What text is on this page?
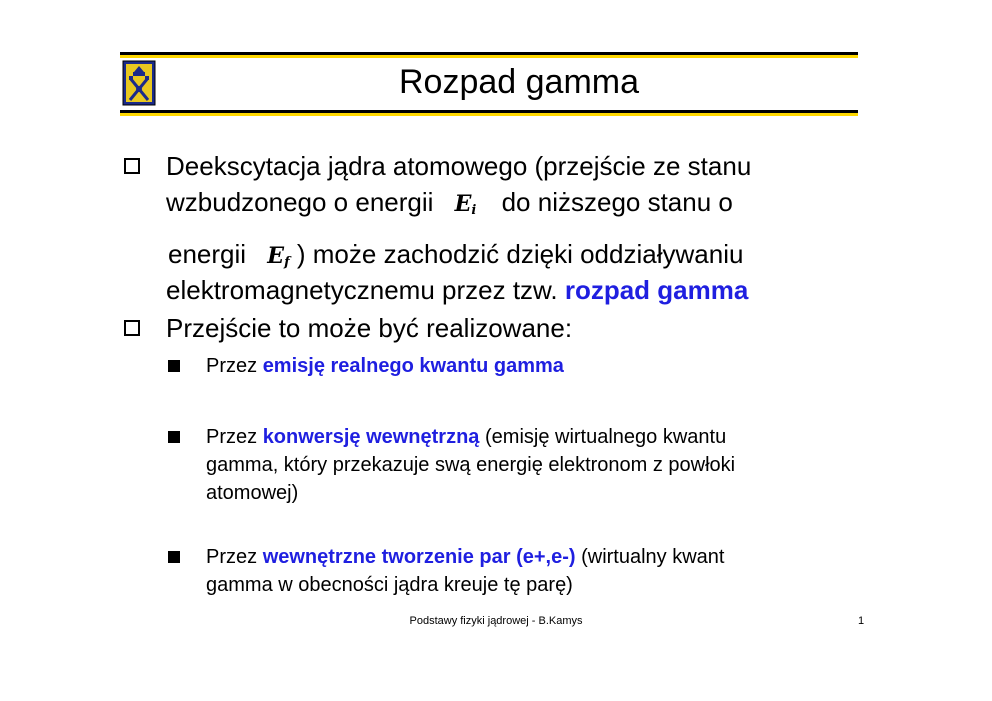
Rozpad gamma
Deekscytacja jądra atomowego (przejście ze stanu
wzbudzonego o energii $E_i$ do niższego stanu o
energii $E_f$ ) może zachodzić dzięki oddziaływaniu
elektromagnetycznemu przez tzw. rozpad gamma
Przejście to może być realizowane:
Przez emisję realnego kwantu gamma
Przez konwersję wewnętrzną (emisję wirtualnego kwantu
gamma, który przekazuje swą energię elektronom z powłoki
atomowej)
Przez wewnętrzne tworzenie par (e+,e-) (wirtualny kwant
gamma w obecności jądra kreuje tę parę)
Podstawy fizyki jądrowej - B.Kamys	1
